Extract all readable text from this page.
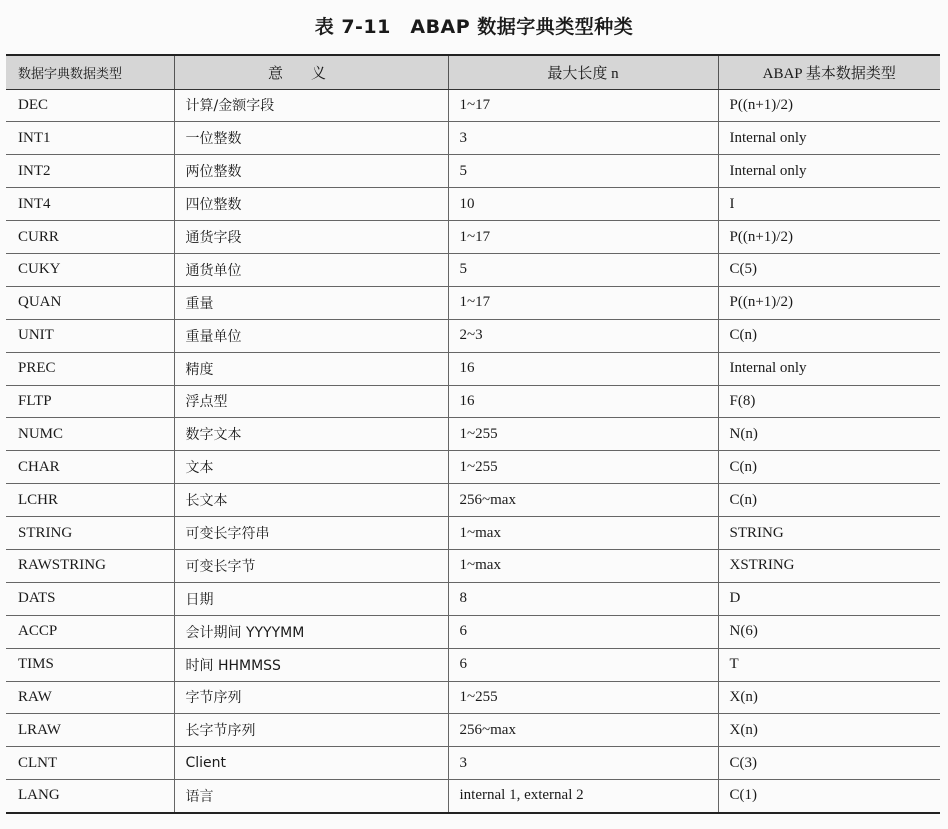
表 7-11　ABAP 数据字典类型种类
数据字典数据类型	意义	最大长度 n	ABAP 基本数据类型
DEC	计算/金额字段	1~17	P((n+1)/2)
INT1	一位整数	3	Internal only
INT2	两位整数	5	Internal only
INT4	四位整数	10	I
CURR	通货字段	1~17	P((n+1)/2)
CUKY	通货单位	5	C(5)
QUAN	重量	1~17	P((n+1)/2)
UNIT	重量单位	2~3	C(n)
PREC	精度	16	Internal only
FLTP	浮点型	16	F(8)
NUMC	数字文本	1~255	N(n)
CHAR	文本	1~255	C(n)
LCHR	长文本	256~max	C(n)
STRING	可变长字符串	1~max	STRING
RAWSTRING	可变长字节	1~max	XSTRING
DATS	日期	8	D
ACCP	会计期间 YYYYMM	6	N(6)
TIMS	时间 HHMMSS	6	T
RAW	字节序列	1~255	X(n)
LRAW	长字节序列	256~max	X(n)
CLNT	Client	3	C(3)
LANG	语言	internal 1, external 2	C(1)
